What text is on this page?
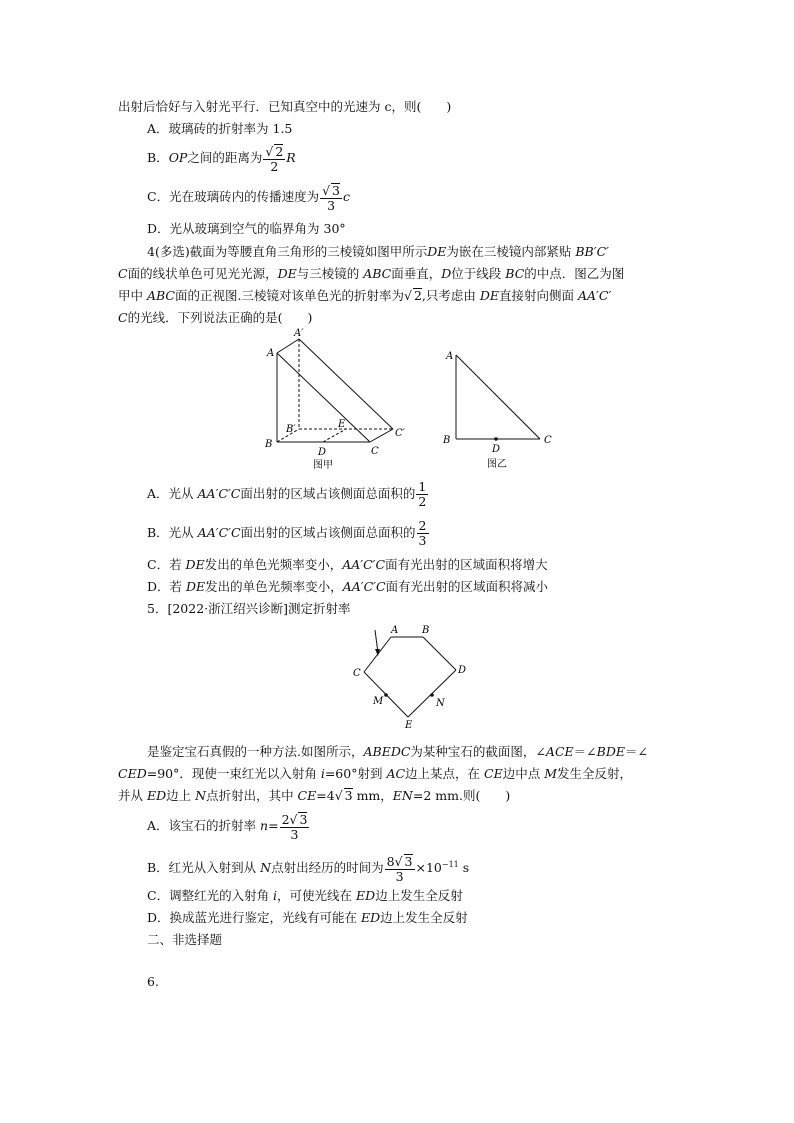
出射后恰好与入射光平行．已知真空中的光速为 c，则(　　)
A．玻璃砖的折射率为 1.5
B．OP之间的距离为 $\frac{√ 2}{2}$ R
C．光在玻璃砖内的传播速度为 $\frac{√ 3}{3}$ c
D．光从玻璃到空气的临界角为 30°
4(多选)截面为等腰直角三角形的三棱镜如图甲所示DE为嵌在三棱镜内部紧贴 BB′C′
C面的线状单色可见光光源，DE与三棱镜的 ABC面垂直，D位于线段 BC的中点．图乙为图
甲中 ABC面的正视图.三棱镜对该单色光的折射率为√ 2,只考虑由 DE直接射向侧面 AA′C′
C的光线．下列说法正确的是(　　)
A
A′
B
B′
C
C′
D
E
图甲
A
B	C
D
图乙
A．光从 AA′C′C面出射的区域占该侧面总面积的 $\frac{1}{2}$
B．光从 AA′C′C面出射的区域占该侧面总面积的 $\frac{2}{3}$
C．若 DE发出的单色光频率变小，AA′C′C面有光出射的区域面积将增大
D．若 DE发出的单色光频率变小，AA′C′C面有光出射的区域面积将减小
5．[2022·浙江绍兴诊断]测定折射率
A B
C	D
E
M	N
是鉴定宝石真假的一种方法.如图所示，ABEDC为某种宝石的截面图，∠ACE＝∠BDE＝∠
CED=90°．现使一束红光以入射角 i=60°射到 AC边上某点，在 CE边中点 M发生全反射，
并从 ED边上 N点折射出，其中 CE=4√ 3 mm，EN=2 mm.则(　　)
A．该宝石的折射率 $n= \frac{2√ 3}{3}$
B．红光从入射到从 N点射出经历的时间为 $\frac{8√ 3}{3} \times 10^{-11}$ s
C．调整红光的入射角 i，可使光线在 ED边上发生全反射
D．换成蓝光进行鉴定，光线有可能在 ED边上发生全反射
二、非选择题
6.
